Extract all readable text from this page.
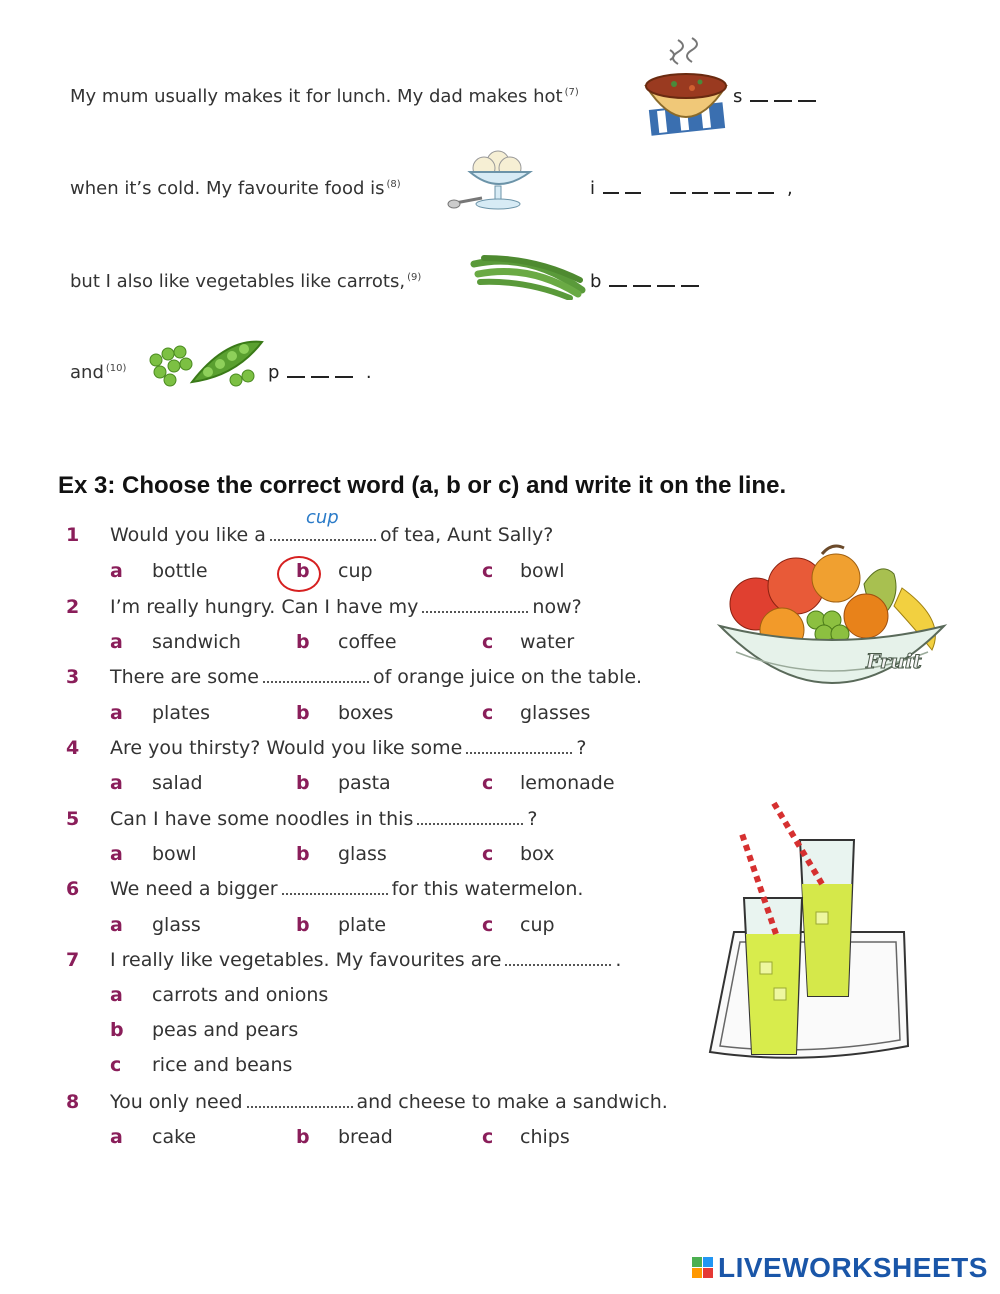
My mum usually makes it for lunch. My dad makes hot $^{(7)}$	s
when it’s cold. My favourite food is $^{(8)}$	i	,
but I also like vegetables like carrots, $^{(9)}$	b
and $^{(10)}$	p	.
Ex 3: Choose the correct word (a, b or c) and write it on the line.
1 Would you like a
cup
of tea, Aunt Sally?
a bottle	b cup	c bowl
2 I’m really hungry. Can I have my	now?
a sandwich	b coffee	c water
3 There are some	of orange juice on the table.
a plates	b boxes	c glasses
4 Are you thirsty? Would you like some	?
a salad	b pasta	c lemonade
5 Can I have some noodles in this	?
a bowl	b glass	c box
6 We need a bigger	for this watermelon.
a glass	b plate	c cup
7 I really like vegetables. My favourites are	.
a carrots and onions
b peas and pears
c rice and beans
8 You only need	and cheese to make a sandwich.
a cake	b bread	c chips
Fruit
LIVEWORKSHEETS
